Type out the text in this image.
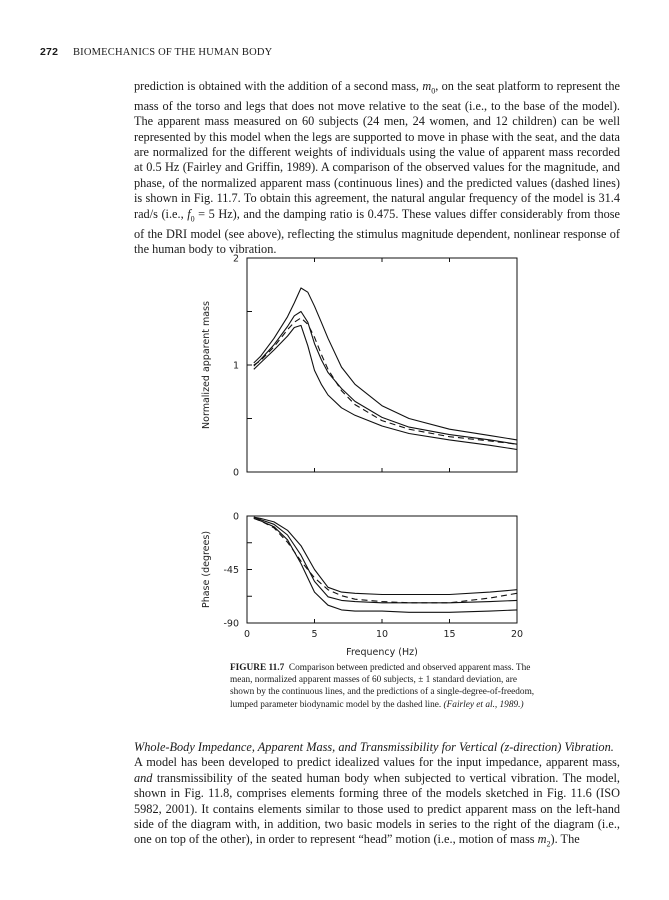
272 BIOMECHANICS OF THE HUMAN BODY

prediction is obtained with the addition of a second mass, $m_0$, on the seat platform to represent the mass of the torso and legs that does not move relative to the seat (i.e., to the base of the model). The apparent mass measured on 60 subjects (24 men, 24 women, and 12 children) can be well represented by this model when the legs are supported to move in phase with the seat, and the data are normalized for the different weights of individuals using the value of apparent mass recorded at 0.5 Hz (Fairley and Griffin, 1989). A comparison of the observed values for the magnitude, and phase, of the normalized apparent mass (continuous lines) and the predicted values (dashed lines) is shown in Fig. 11.7. To obtain this agreement, the natural angular frequency of the model is 31.4 rad/s (i.e., $f_0 = 5$ Hz), and the damping ratio is 0.475. These values differ considerably from those of the DRI model (see above), reflecting the stimulus magnitude dependent, nonlinear response of the human body to vibration.

0
1
2
Normalized apparent mass
0
-45
-90
0	5	10	15	20
Phase (degrees)
Frequency (Hz)

FIGURE 11.7 Comparison between predicted and observed apparent mass. The mean, normalized apparent masses of 60 subjects, ± 1 standard deviation, are shown by the continuous lines, and the predictions of a single-degree-of-freedom, lumped parameter biodynamic model by the dashed line. (Fairley et al., 1989.)

Whole-Body Impedance, Apparent Mass, and Transmissibility for Vertical (z-direction) Vibration.   A model has been developed to predict idealized values for the input impedance, apparent mass, and transmissibility of the seated human body when subjected to vertical vibration. The model, shown in Fig. 11.8, comprises elements forming three of the models sketched in Fig. 11.6 (ISO 5982, 2001). It contains elements similar to those used to predict apparent mass on the left-hand side of the diagram with, in addition, two basic models in series to the right of the diagram (i.e., one on top of the other), in order to represent “head” motion (i.e., motion of mass $m_2$). The
